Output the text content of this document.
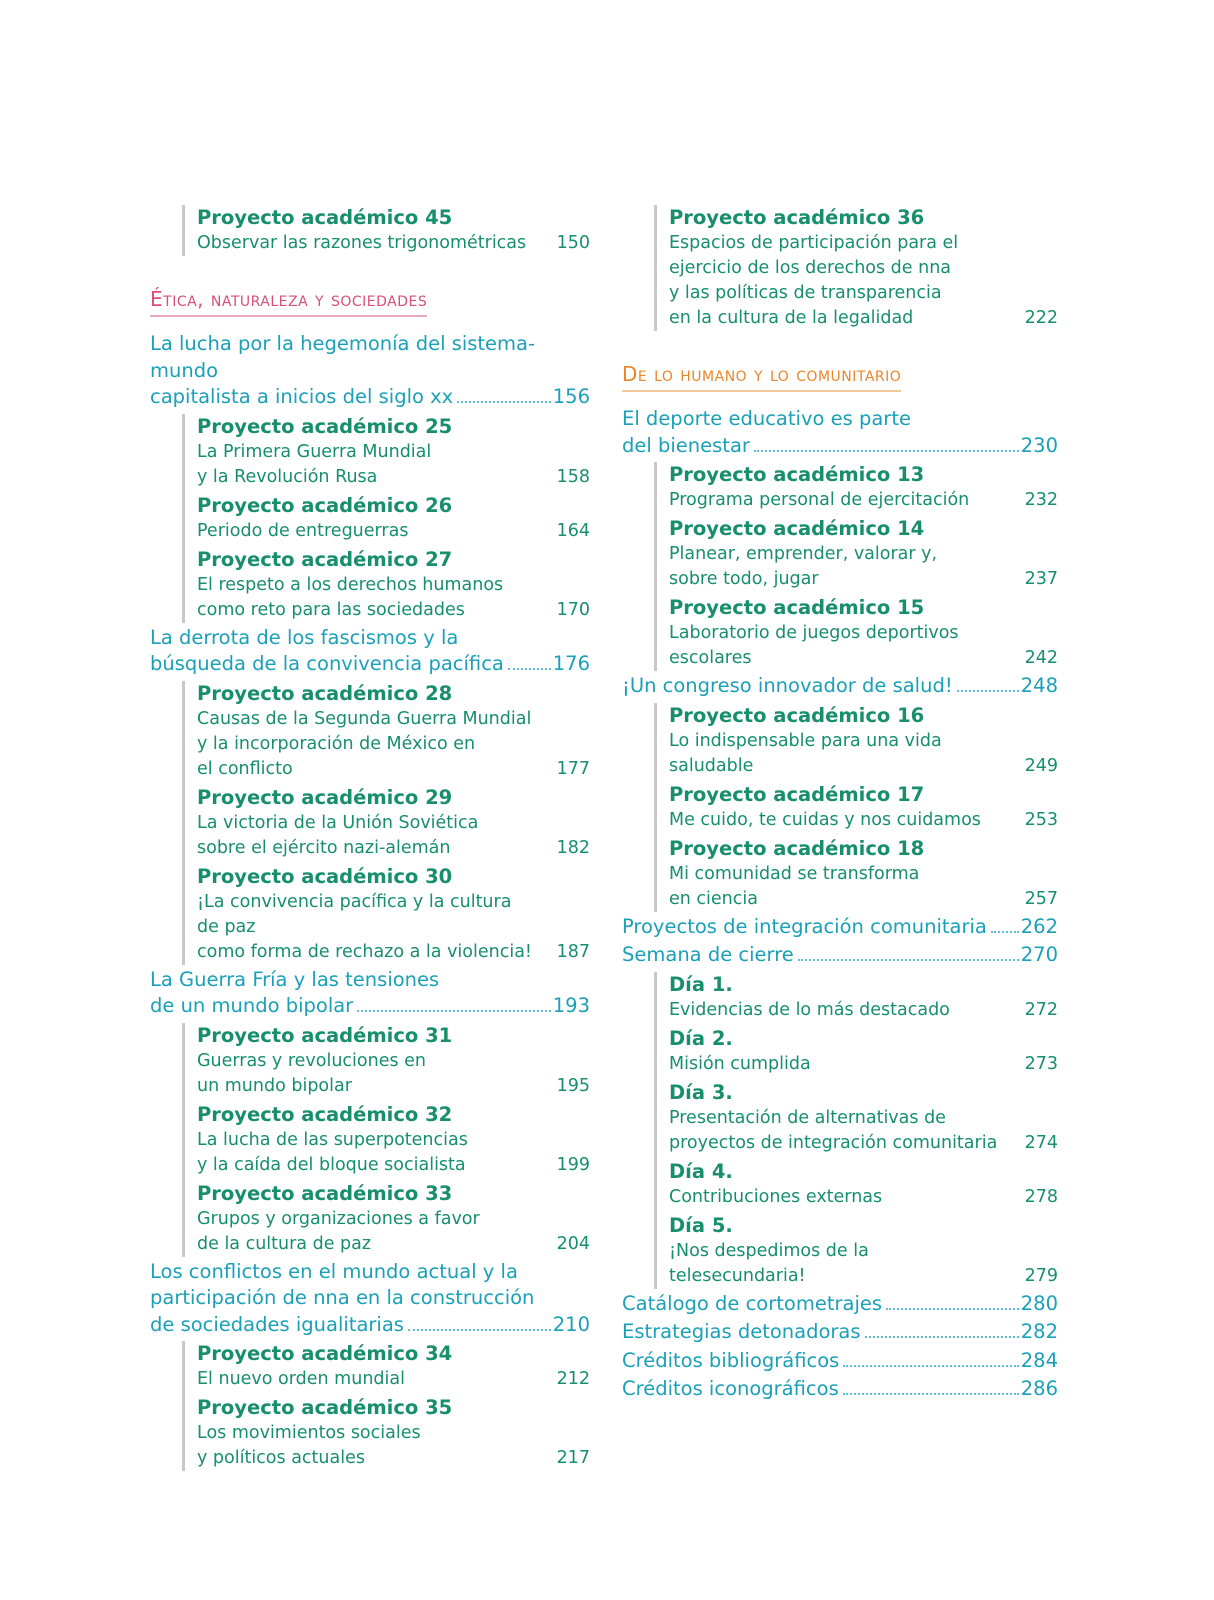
Proyecto académico 45
Observar las razones trigonométricas	150
Ética, naturaleza y sociedades
La lucha por la hegemonía del sistema-mundo
capitalista a inicios del siglo xx	156
Proyecto académico 25
La Primera Guerra Mundial
y la Revolución Rusa	158
Proyecto académico 26
Periodo de entreguerras	164
Proyecto académico 27
El respeto a los derechos humanos
como reto para las sociedades	170
La derrota de los fascismos y la
búsqueda de la convivencia pacífica	176
Proyecto académico 28
Causas de la Segunda Guerra Mundial
y la incorporación de México en
el conflicto	177
Proyecto académico 29
La victoria de la Unión Soviética
sobre el ejército nazi-alemán	182
Proyecto académico 30
¡La convivencia pacífica y la cultura de paz
como forma de rechazo a la violencia! 187
La Guerra Fría y las tensiones
de un mundo bipolar	193
Proyecto académico 31
Guerras y revoluciones en
un mundo bipolar	195
Proyecto académico 32
La lucha de las superpotencias
y la caída del bloque socialista	199
Proyecto académico 33
Grupos y organizaciones a favor
de la cultura de paz	204
Los conflictos en el mundo actual y la
participación de nna en la construcción
de sociedades igualitarias	210
Proyecto académico 34
El nuevo orden mundial	212
Proyecto académico 35
Los movimientos sociales
y políticos actuales	217
Proyecto académico 36
Espacios de participación para el
ejercicio de los derechos de nna
y las políticas de transparencia
en la cultura de la legalidad	222
De lo humano y lo comunitario
El deporte educativo es parte
del bienestar	230
Proyecto académico 13
Programa personal de ejercitación	232
Proyecto académico 14
Planear, emprender, valorar y,
sobre todo, jugar	237
Proyecto académico 15
Laboratorio de juegos deportivos
escolares	242
¡Un congreso innovador de salud!	248
Proyecto académico 16
Lo indispensable para una vida
saludable	249
Proyecto académico 17
Me cuido, te cuidas y nos cuidamos	253
Proyecto académico 18
Mi comunidad se transforma
en ciencia	257
Proyectos de integración comunitaria 262
Semana de cierre	270
Día 1.
Evidencias de lo más destacado	272
Día 2.
Misión cumplida	273
Día 3.
Presentación de alternativas de
proyectos de integración comunitaria	274
Día 4.
Contribuciones externas	278
Día 5.
¡Nos despedimos de la telesecundaria!	279
Catálogo de cortometrajes	280
Estrategias detonadoras	282
Créditos bibliográficos	284
Créditos iconográficos	286
